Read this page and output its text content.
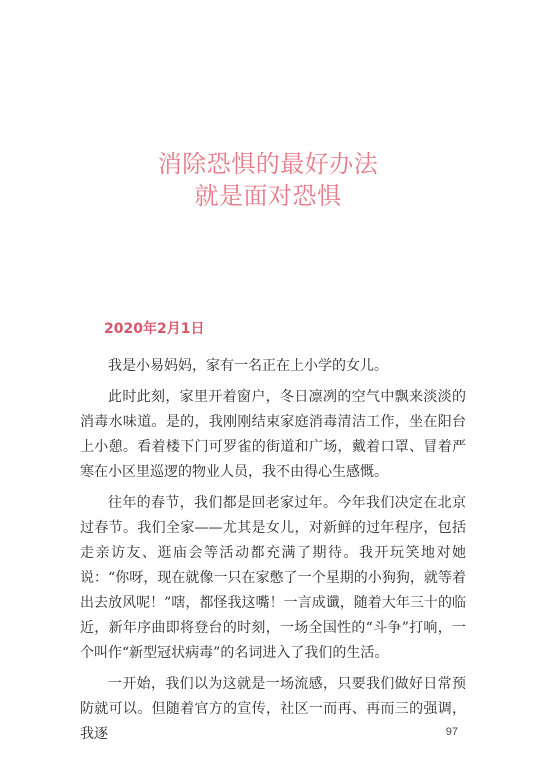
消除恐惧的最好办法
就是面对恐惧
2020年2月1日

我是小易妈妈，家有一名正在上小学的女儿。

此时此刻，家里开着窗户，冬日凛冽的空气中飘来淡淡的消毒水味道。是的，我刚刚结束家庭消毒清洁工作，坐在阳台上小憩。看着楼下门可罗雀的街道和广场，戴着口罩、冒着严寒在小区里巡逻的物业人员，我不由得心生感慨。

往年的春节，我们都是回老家过年。今年我们决定在北京过春节。我们全家——尤其是女儿，对新鲜的过年程序，包括走亲访友、逛庙会等活动都充满了期待。我开玩笑地对她说：“你呀，现在就像一只在家憋了一个星期的小狗狗，就等着出去放风呢！”嗐，都怪我这嘴！一言成谶，随着大年三十的临近，新年序曲即将登台的时刻，一场全国性的“斗争”打响，一个叫作“新型冠状病毒”的名词进入了我们的生活。

一开始，我们以为这就是一场流感，只要我们做好日常预防就可以。但随着官方的宣传，社区一而再、再而三的强调，我逐	97
